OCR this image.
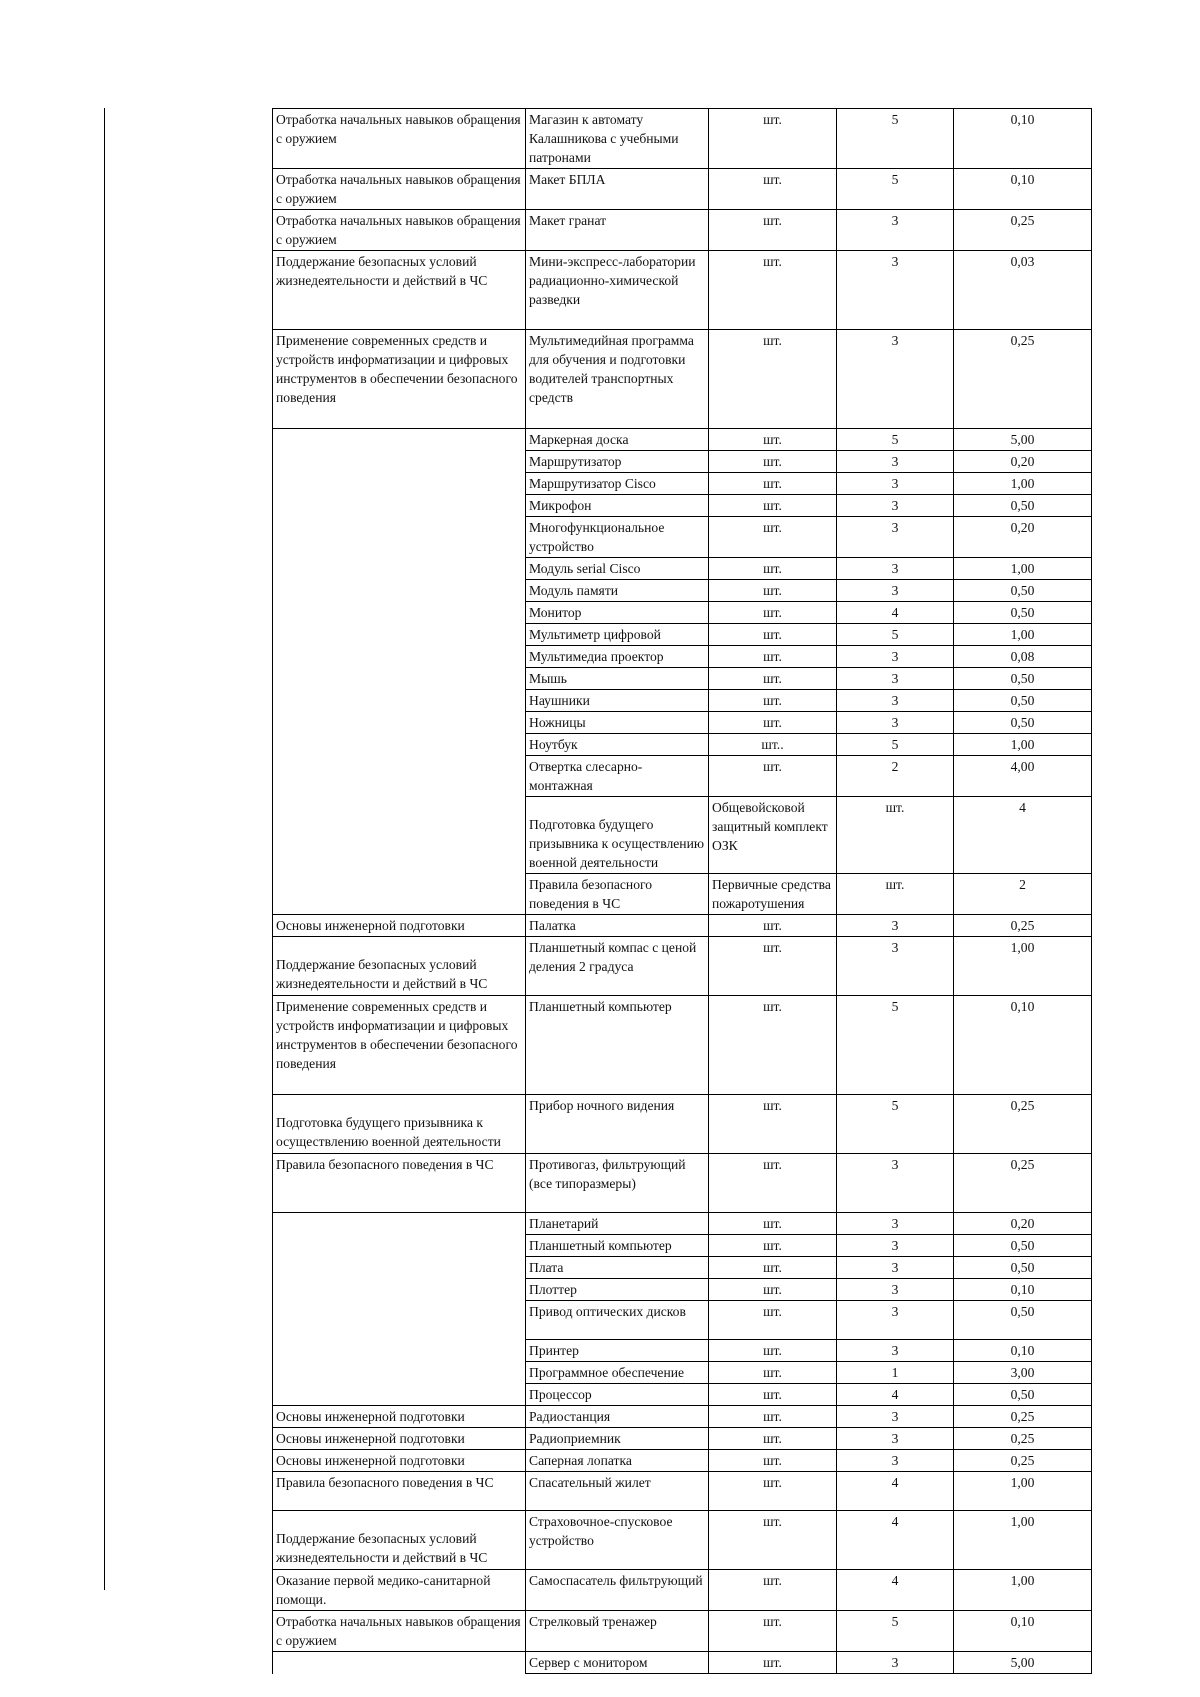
Отработка начальных навыков обращения с оружием	Магазин к автомату Калашникова с учебными патронами	шт.	5	0,10	
Отработка начальных навыков обращения с оружием	Макет БПЛА	шт.	5	0,10	
Отработка начальных навыков обращения с оружием	Макет гранат	шт.	3	0,25	
Поддержание безопасных условий жизнедеятельности и действий в ЧС	Мини-экспресс-лаборатории радиационно-химической разведки	шт.	3	0,03	
Применение современных средств и устройств информатизации и цифровых инструментов в обеспечении безопасного поведения	Мультимедийная программа для обучения и подготовки водителей транспортных средств	шт.	3	0,25	
	Маркерная доска	шт.	5	5,00	
	Маршрутизатор	шт.	3	0,20	
	Маршрутизатор Cisco	шт.	3	1,00	
	Микрофон	шт.	3	0,50	
	Многофункциональное устройство	шт.	3	0,20	
	Модуль serial Cisco	шт.	3	1,00	
	Модуль памяти	шт.	3	0,50	
	Монитор	шт.	4	0,50	
	Мультиметр цифровой	шт.	5	1,00	
	Мультимедиа проектор	шт.	3	0,08	
	Мышь	шт.	3	0,50	
	Наушники	шт.	3	0,50	
	Ножницы	шт.	3	0,50	
	Ноутбук	шт..	5	1,00	
	Отвертка слесарно-монтажная	шт.	2	4,00	
	Подготовка будущего призывника к осуществлению военной деятельности	Общевойсковой защитный комплект ОЗК	шт.	4	
	Правила безопасного поведения в ЧС	Первичные средства пожаротушения	шт.	2	
Основы инженерной подготовки	Палатка	шт.	3	0,25	
Поддержание безопасных условий жизнедеятельности и действий в ЧС	Планшетный компас с ценой деления 2 градуса	шт.	3	1,00	
Применение современных средств и устройств информатизации и цифровых инструментов в обеспечении безопасного поведения	Планшетный компьютер	шт.	5	0,10	
Подготовка будущего призывника к осуществлению военной деятельности	Прибор ночного видения	шт.	5	0,25	
Правила безопасного поведения в ЧС	Противогаз, фильтрующий (все типоразмеры)	шт.	3	0,25	
	Планетарий	шт.	3	0,20	
	Планшетный компьютер	шт.	3	0,50	
	Плата	шт.	3	0,50	
	Плоттер	шт.	3	0,10	
	Привод оптических дисков	шт.	3	0,50	
	Принтер	шт.	3	0,10	
	Программное обеспечение	шт.	1	3,00	
	Процессор	шт.	4	0,50	
Основы инженерной подготовки	Радиостанция	шт.	3	0,25	
Основы инженерной подготовки	Радиоприемник	шт.	3	0,25	
Основы инженерной подготовки	Саперная лопатка	шт.	3	0,25	
Правила безопасного поведения в ЧС	Спасательный жилет	шт.	4	1,00	
Поддержание безопасных условий жизнедеятельности и действий в ЧС	Страховочное-спусковое устройство	шт.	4	1,00	
Оказание первой медико-санитарной помощи.	Самоспасатель фильтрующий	шт.	4	1,00	
Отработка начальных навыков обращения с оружием	Стрелковый тренажер	шт.	5	0,10	
	Сервер с монитором	шт.	3	5,00	
